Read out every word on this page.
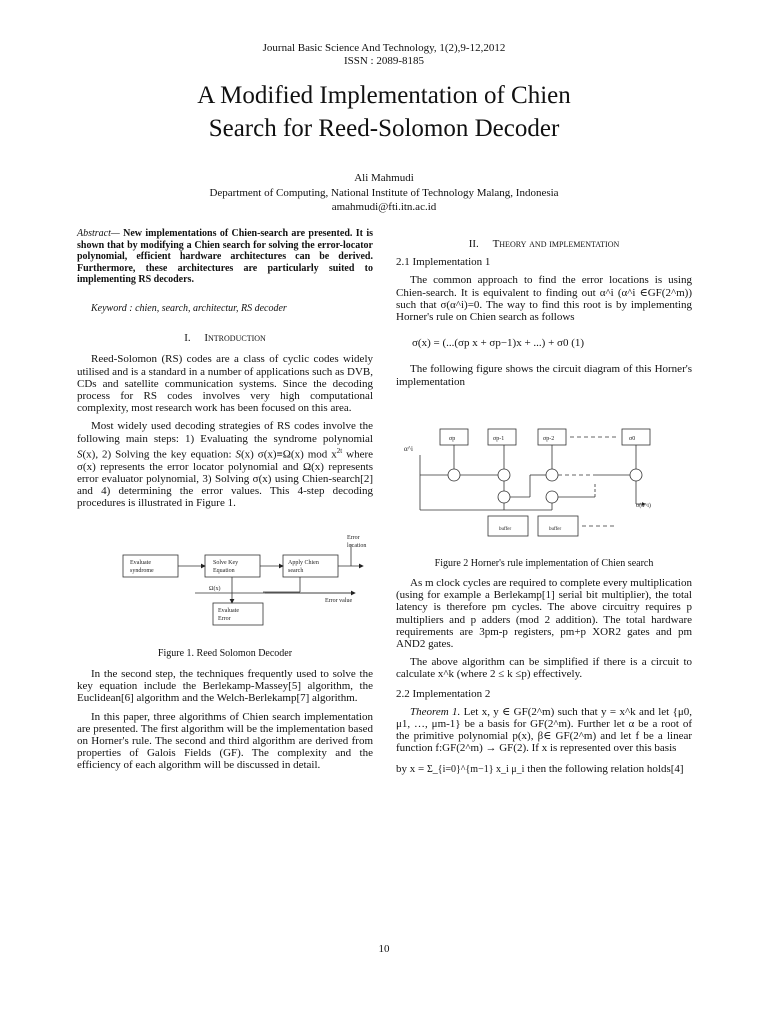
Journal Basic Science And Technology, 1(2),9-12,2012
ISSN : 2089-8185
A Modified Implementation of Chien
Search for Reed-Solomon Decoder
Ali Mahmudi
Department of Computing, National Institute of Technology Malang, Indonesia
amahmudi@fti.itn.ac.id

Abstract— New implementations of Chien-search are presented. It is shown that by modifying a Chien search for solving the error-locator polynomial, efficient hardware architectures can be derived. Furthermore, these architectures are particularly suited to implementing RS decoders.

Keyword : chien, search, architectur, RS decoder

I. Introduction

Reed-Solomon (RS) codes are a class of cyclic codes widely utilised and is a standard in a number of applications such as DVB, CDs and satellite communication systems. Since the decoding process for RS codes involves very high computational complexity, most research work has been focused on this area.

Most widely used decoding strategies of RS codes involve the following main steps: 1) Evaluating the syndrome polynomial S(x), 2) Solving the key equation: S(x) σ(x)≡Ω(x) mod $x^{2t}$ where σ(x) represents the error locator polynomial and Ω(x) represents error evaluator polynomial, 3) Solving σ(x) using Chien-search[2] and 4) determining the error values. This 4-step decoding procedures is illustrated in Figure 1.

Evaluate
syndrome
Solve Key
Equation
Apply Chien
search
Evaluate
Error
Error
location
Ω(x)
Error value
Figure 1. Reed Solomon Decoder

In the second step, the techniques frequently used to solve the key equation include the Berlekamp-Massey[5] algorithm, the Euclidean[6] algorithm and the Welch-Berlekamp[7] algorithm.

In this paper, three algorithms of Chien search implementation are presented. The first algorithm will be the implementation based on Horner's rule. The second and third algorithm are derived from properties of Galois Fields (GF). The complexity and the efficiency of each algorithm will be discussed in detail.

II. Theory and implementation

2.1 Implementation 1

The common approach to find the error locations is using Chien-search. It is equivalent to finding out α^i (α^i ∈GF(2^m)) such that σ(α^i)=0. The way to find this root is by implementing Horner's rule on Chien search as follows

σ(x) = (...(σp x + σp−1)x + ...) + σ0 (1)

The following figure shows the circuit diagram of this Horner's implementation

α^i
σp	σp-1	σp-2	σ0
buffer	buffer
σ(α^i)
Figure 2 Horner's rule implementation of Chien search

As m clock cycles are required to complete every multiplication (using for example a Berlekamp[1] serial bit multiplier), the total latency is therefore pm cycles. The above circuitry requires p multipliers and p adders (mod 2 addition). The total hardware requirements are 3pm-p registers, pm+p XOR2 gates and pm AND2 gates.

The above algorithm can be simplified if there is a circuit to calculate x^k (where 2 ≤ k ≤p) effectively.

2.2 Implementation 2

Theorem 1. Let x, y ∈ GF(2^m) such that y = x^k and let {μ0, μ1, …, μm-1} be a basis for GF(2^m). Further let α be a root of the primitive polynomial p(x), β∈ GF(2^m) and let f be a linear function f:GF(2^m) → GF(2). If x is represented over this basis

by x = Σ_{i=0}^{m−1} x_i μ_i then the following relation holds[4]

10
